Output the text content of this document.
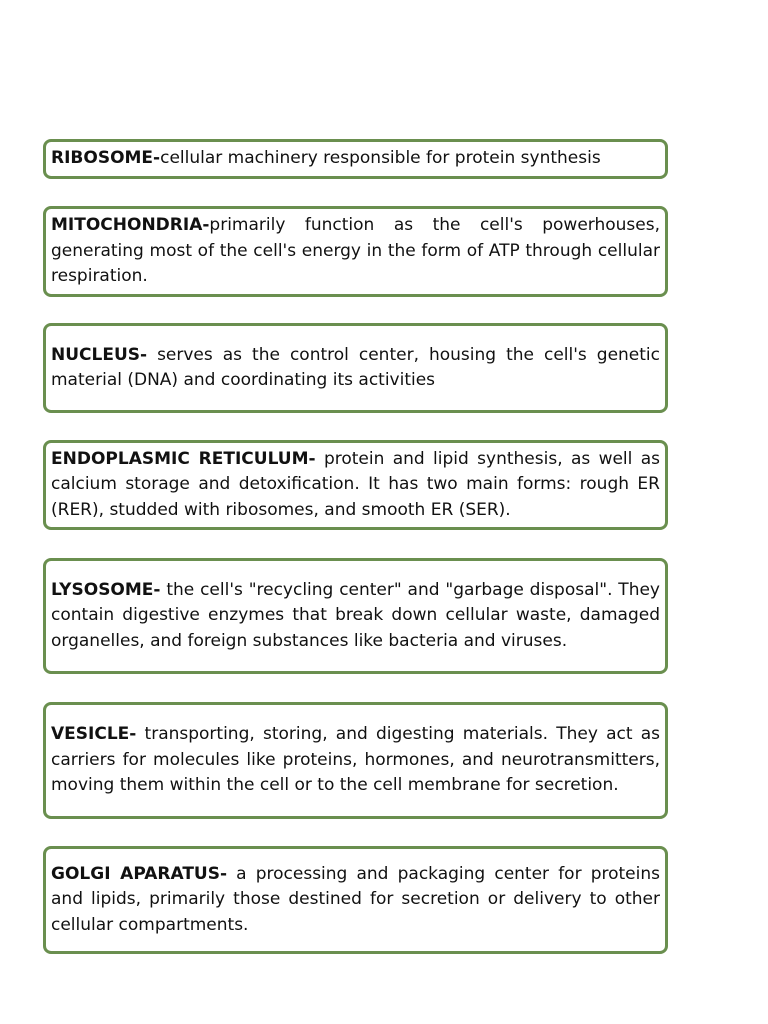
RIBOSOME-cellular machinery responsible for protein synthesis

MITOCHONDRIA-primarily function as the cell's powerhouses, generating most of the cell's energy in the form of ATP through cellular respiration.

NUCLEUS- serves as the control center, housing the cell's genetic material (DNA) and coordinating its activities

ENDOPLASMIC RETICULUM- protein and lipid synthesis, as well as calcium storage and detoxification. It has two main forms: rough ER (RER), studded with ribosomes, and smooth ER (SER).

LYSOSOME- the cell's "recycling center" and "garbage disposal". They contain digestive enzymes that break down cellular waste, damaged organelles, and foreign substances like bacteria and viruses.

VESICLE- transporting, storing, and digesting materials. They act as carriers for molecules like proteins, hormones, and neurotransmitters, moving them within the cell or to the cell membrane for secretion.

GOLGI APARATUS- a processing and packaging center for proteins and lipids, primarily those destined for secretion or delivery to other cellular compartments.
